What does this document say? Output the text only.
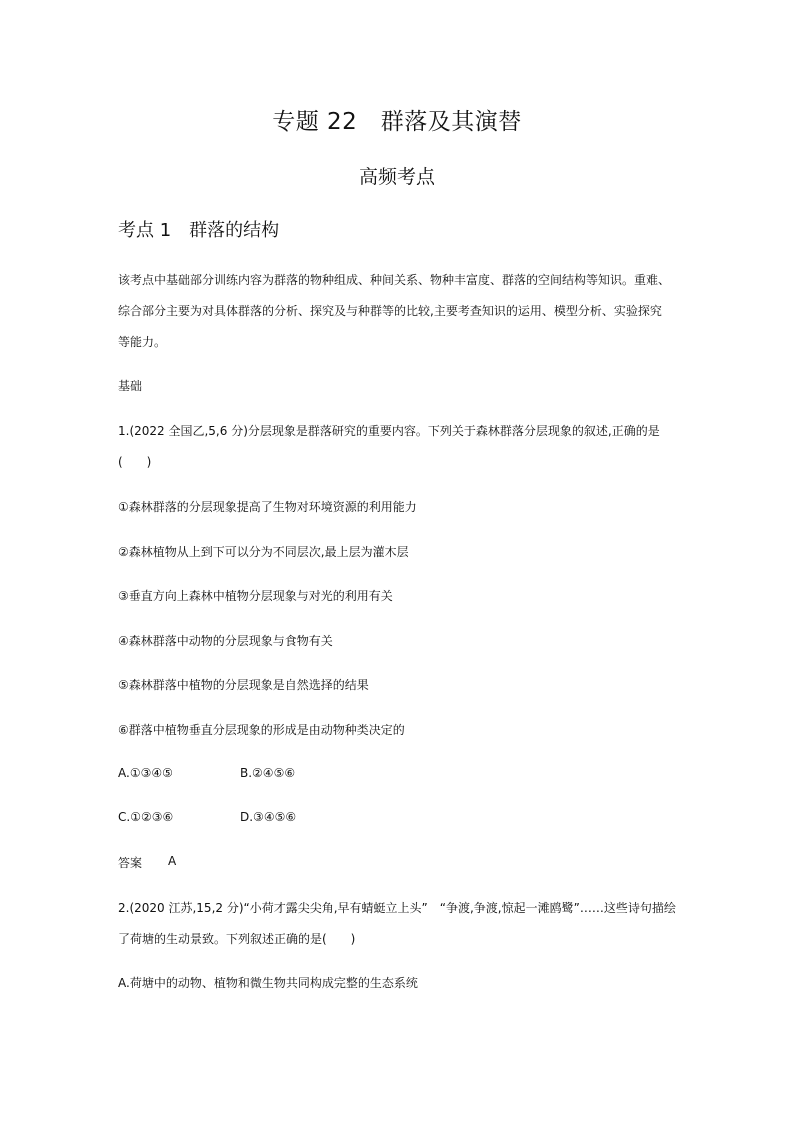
专题 22　群落及其演替
高频考点
考点 1　群落的结构
该考点中基础部分训练内容为群落的物种组成、种间关系、物种丰富度、群落的空间结构等知识。重难、
综合部分主要为对具体群落的分析、探究及与种群等的比较,主要考查知识的运用、模型分析、实验探究
等能力。
基础
1.(2022 全国乙,5,6 分)分层现象是群落研究的重要内容。下列关于森林群落分层现象的叙述,正确的是
(　　)
①森林群落的分层现象提高了生物对环境资源的利用能力
②森林植物从上到下可以分为不同层次,最上层为灌木层
③垂直方向上森林中植物分层现象与对光的利用有关
④森林群落中动物的分层现象与食物有关
⑤森林群落中植物的分层现象是自然选择的结果
⑥群落中植物垂直分层现象的形成是由动物种类决定的
A.①③④⑤	B.②④⑤⑥
C.①②③⑥	D.③④⑤⑥
答案 A
2.(2020 江苏,15,2 分)“小荷才露尖尖角,早有蜻蜓立上头”　“争渡,争渡,惊起一滩鸥鹭”……这些诗句描绘
了荷塘的生动景致。下列叙述正确的是(　　)
A.荷塘中的动物、植物和微生物共同构成完整的生态系统
